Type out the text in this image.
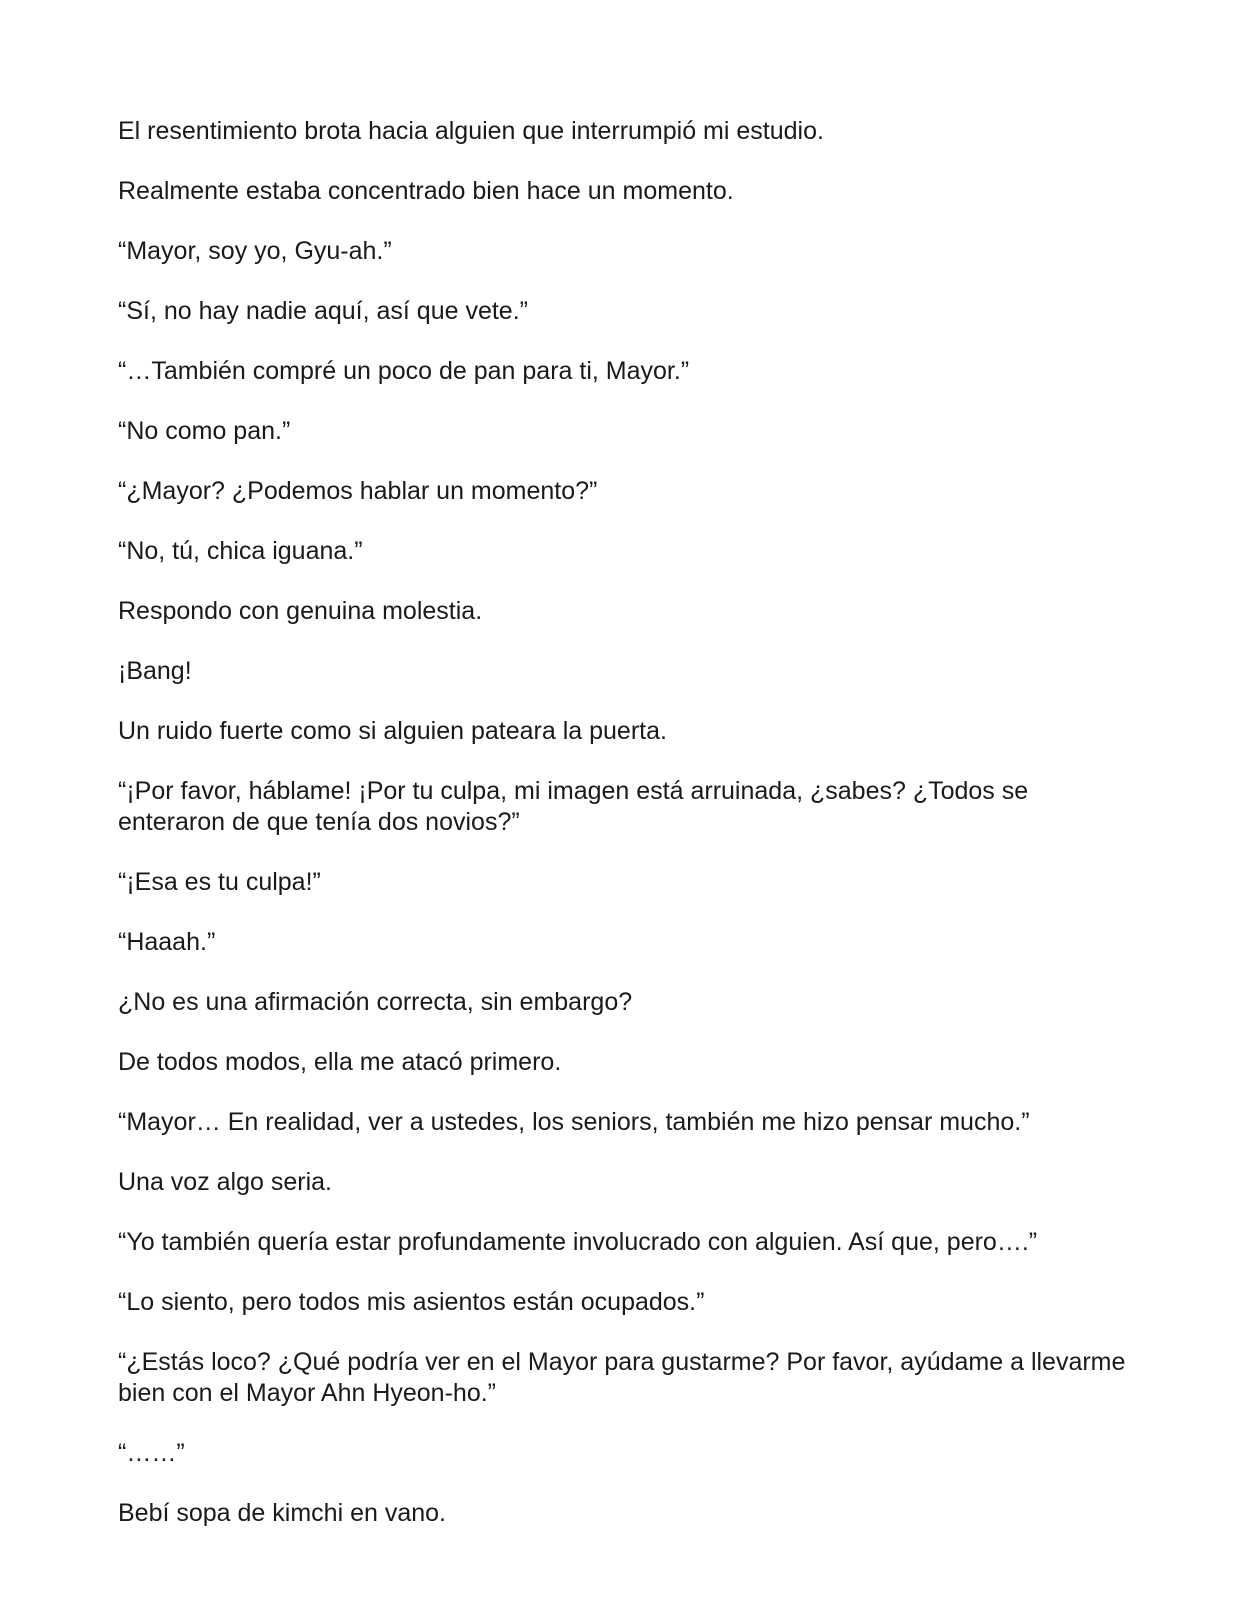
El resentimiento brota hacia alguien que interrumpió mi estudio.

Realmente estaba concentrado bien hace un momento.

“Mayor, soy yo, Gyu-ah.”

“Sí, no hay nadie aquí, así que vete.”

“…También compré un poco de pan para ti, Mayor.”

“No como pan.”

“¿Mayor? ¿Podemos hablar un momento?”

“No, tú, chica iguana.”

Respondo con genuina molestia.

¡Bang!

Un ruido fuerte como si alguien pateara la puerta.

“¡Por favor, háblame! ¡Por tu culpa, mi imagen está arruinada, ¿sabes? ¿Todos se enteraron de que tenía dos novios?”

“¡Esa es tu culpa!”

“Haaah.”

¿No es una afirmación correcta, sin embargo?

De todos modos, ella me atacó primero.

“Mayor… En realidad, ver a ustedes, los seniors, también me hizo pensar mucho.”

Una voz algo seria.

“Yo también quería estar profundamente involucrado con alguien. Así que, pero….”

“Lo siento, pero todos mis asientos están ocupados.”

“¿Estás loco? ¿Qué podría ver en el Mayor para gustarme? Por favor, ayúdame a llevarme bien con el Mayor Ahn Hyeon-ho.”

“……”

Bebí sopa de kimchi en vano.
